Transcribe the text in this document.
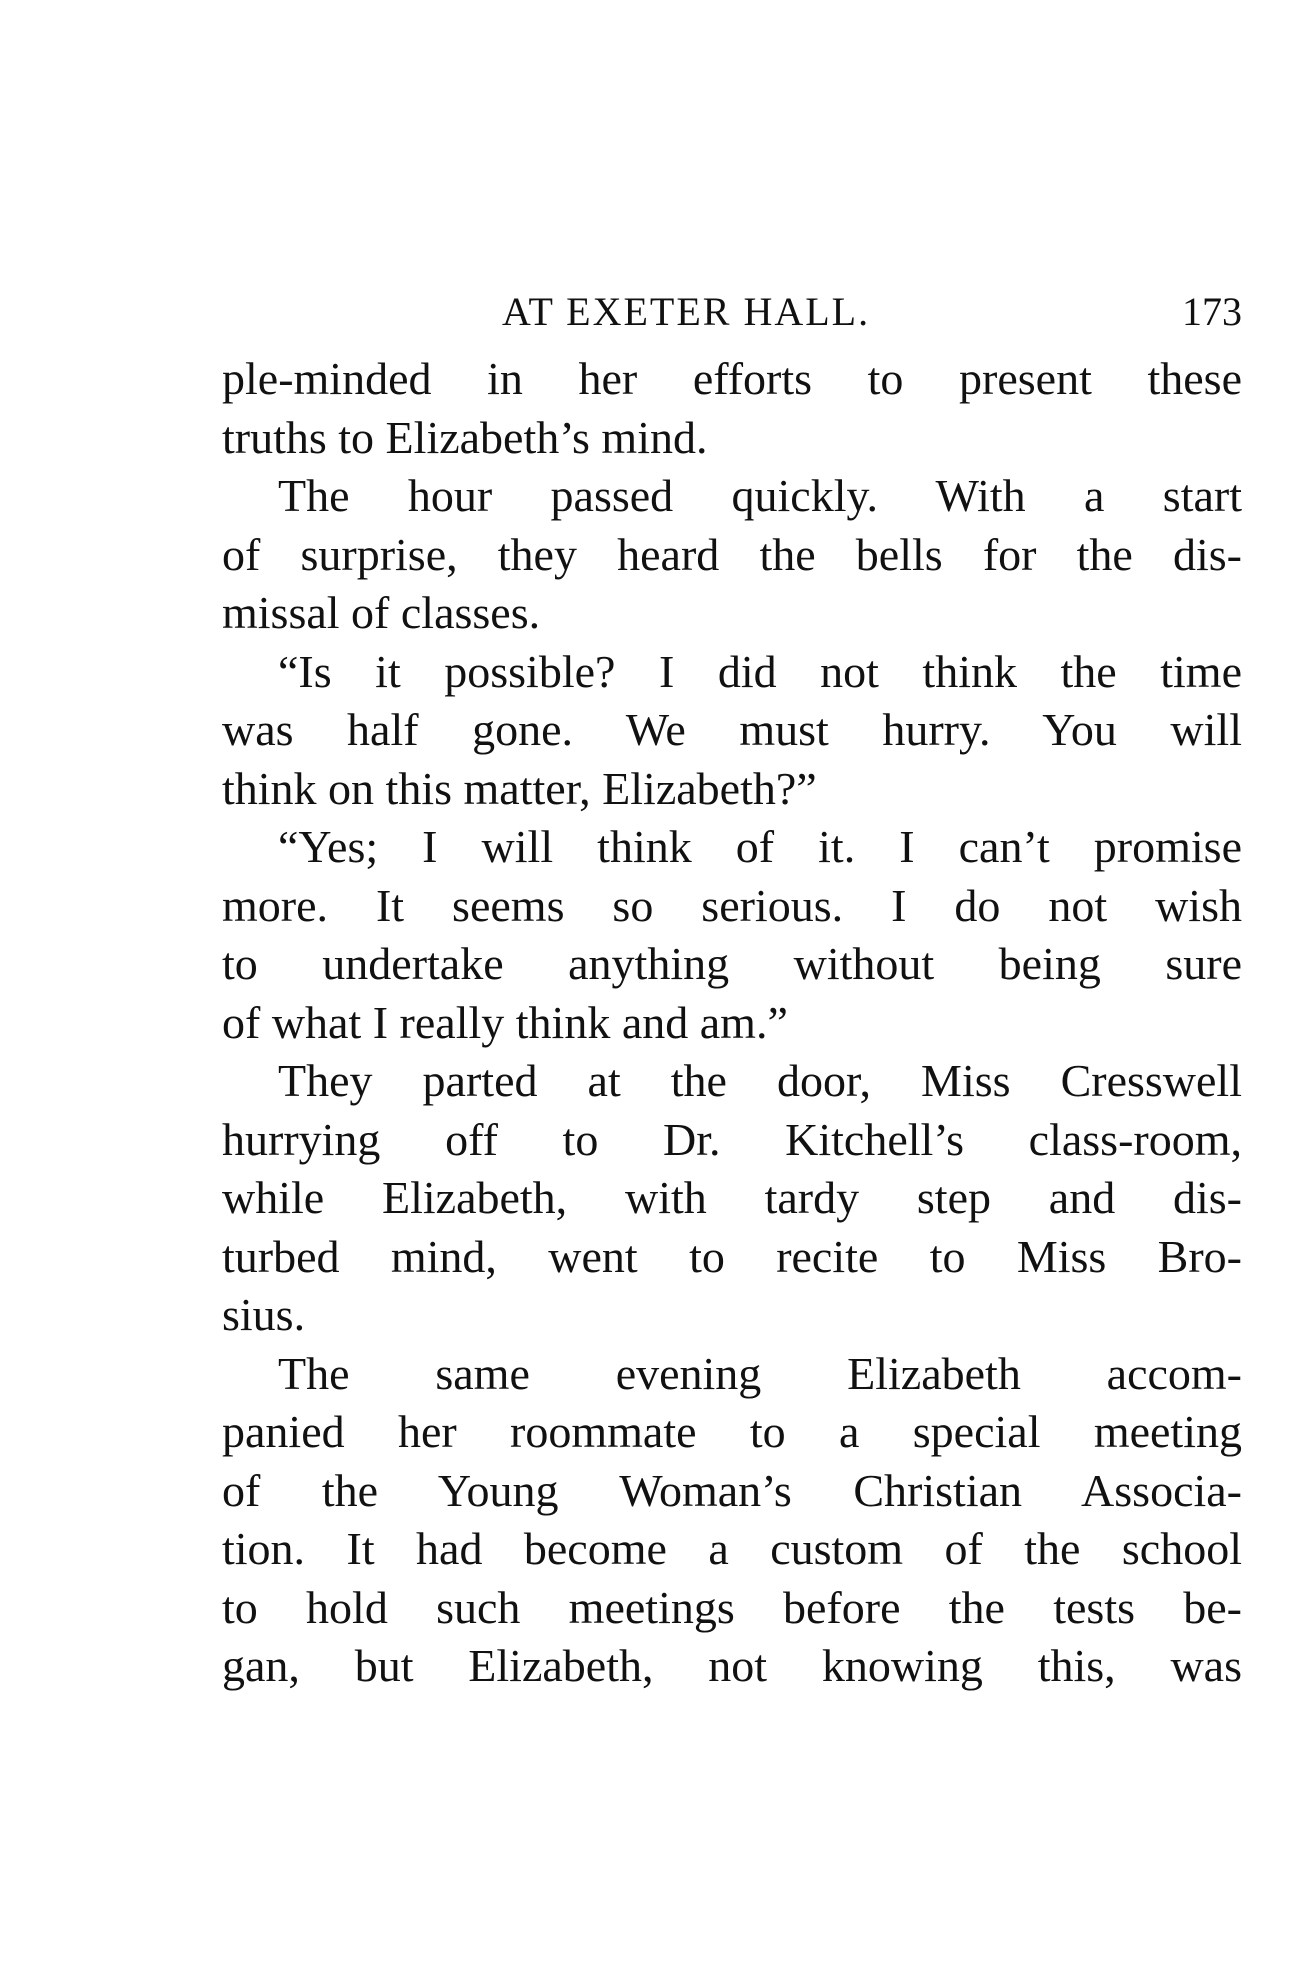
AT EXETER HALL.	173
ple-minded in her efforts to present these
truths to Elizabeth’s mind.
The hour passed quickly. With a start
of surprise, they heard the bells for the dis-
missal of classes.
“Is it possible? I did not think the time
was half gone. We must hurry. You will
think on this matter, Elizabeth?”
“Yes; I will think of it. I can’t promise
more. It seems so serious. I do not wish
to undertake anything without being sure
of what I really think and am.”
They parted at the door, Miss Cresswell
hurrying off to Dr. Kitchell’s class-room,
while Elizabeth, with tardy step and dis-
turbed mind, went to recite to Miss Bro-
sius.
The same evening Elizabeth accom-
panied her roommate to a special meeting
of the Young Woman’s Christian Associa-
tion. It had become a custom of the school
to hold such meetings before the tests be-
gan, but Elizabeth, not knowing this, was
